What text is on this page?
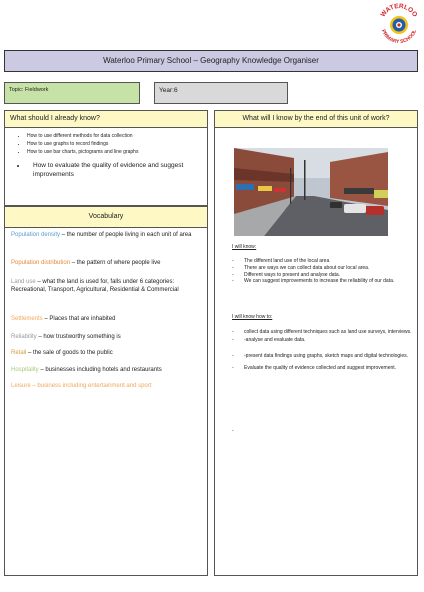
WATERLOO
PRIMARY SCHOOL
Waterloo Primary School – Geography Knowledge Organiser
Topic: Fieldwork	Year:6
What should I already know?
• How to use different methods for data collection
• How to use graphs to record findings
• How to use bar charts, pictograms and line graphs
• How to evaluate the quality of evidence and suggest improvements
Vocabulary
Population density – the number of people living in each unit of area
Population distribution – the pattern of where people live
Land use – what the land is used for, falls under 6 categories: Recreational, Transport, Agricultural, Residential & Commercial
Settlements – Places that are inhabited
Reliability – how trustworthy something is
Retail – the sale of goods to the public
Hospitality – businesses including hotels and restaurants
Leisure – business including entertainment and sport
What will I know by the end of this unit of work?
I will know:
-	The different land use of the local area
-	There are ways we can collect data about our local area.
-	Different ways to present and analyse data.
-	We can suggest improvements to increase the reliability of our data.
I will know how to:
-	collect data using different techniques such as land use surveys, interviews.
-	-analyse and evaluate data.
-	-present data findings using graphs, sketch maps and digital technologies.
-	Evaluate the quality of evidence collected and suggest improvement.
-
